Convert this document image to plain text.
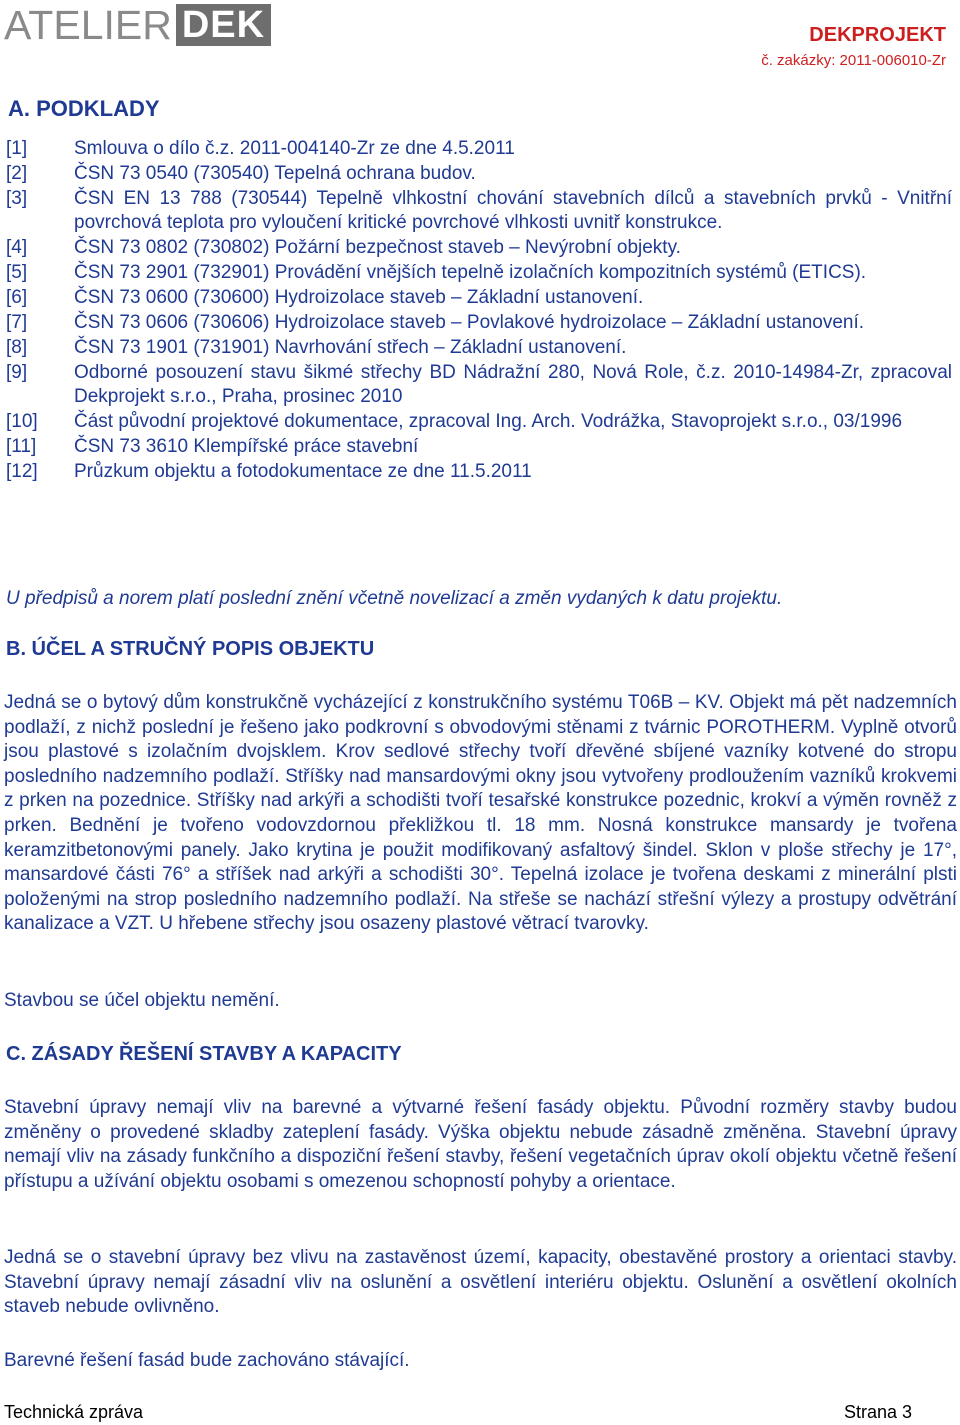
ATELIER DEK	DEKPROJEKT
č. zakázky: 2011-006010-Zr
A. PODKLADY
[1]	Smlouva o dílo č.z. 2011-004140-Zr ze dne 4.5.2011
[2]	ČSN 73 0540 (730540) Tepelná ochrana budov.
[3]	ČSN EN 13 788 (730544) Tepelně vlhkostní chování stavebních dílců a stavebních prvků - Vnitřní povrchová teplota pro vyloučení kritické povrchové vlhkosti uvnitř konstrukce.
[4]	ČSN 73 0802 (730802) Požární bezpečnost staveb – Nevýrobní objekty.
[5]	ČSN 73 2901 (732901) Provádění vnějších tepelně izolačních kompozitních systémů (ETICS).
[6]	ČSN 73 0600 (730600) Hydroizolace staveb – Základní ustanovení.
[7]	ČSN 73 0606 (730606) Hydroizolace staveb – Povlakové hydroizolace – Základní ustanovení.
[8]	ČSN 73 1901 (731901) Navrhování střech – Základní ustanovení.
[9]	Odborné posouzení stavu šikmé střechy BD Nádražní 280, Nová Role, č.z. 2010-14984-Zr, zpracoval Dekprojekt s.r.o., Praha, prosinec 2010
[10]	Část původní projektové dokumentace, zpracoval Ing. Arch. Vodrážka, Stavoprojekt s.r.o., 03/1996
[11]	ČSN 73 3610 Klempířské práce stavební
[12]	Průzkum objektu a fotodokumentace ze dne 11.5.2011
U předpisů a norem platí poslední znění včetně novelizací a změn vydaných k datu projektu.
B. ÚČEL A STRUČNÝ POPIS OBJEKTU
Jedná se o bytový dům konstrukčně vycházející z konstrukčního systému T06B – KV. Objekt má pět nadzemních podlaží, z nichž poslední je řešeno jako podkrovní s obvodovými stěnami z tvárnic POROTHERM. Vyplně otvorů jsou plastové s izolačním dvojsklem. Krov sedlové střechy tvoří dřevěné sbíjené vazníky kotvené do stropu posledního nadzemního podlaží. Stříšky nad mansardovými okny jsou vytvořeny prodloužením vazníků krokvemi z prken na pozednice. Stříšky nad arkýři a schodišti tvoří tesařské konstrukce pozednic, krokví a výměn rovněž z prken. Bednění je tvořeno vodovzdornou překližkou tl. 18 mm. Nosná konstrukce mansardy je tvořena keramzitbetonovými panely. Jako krytina je použit modifikovaný asfaltový šindel. Sklon v ploše střechy je 17°, mansardové části 76° a stříšek nad arkýři a schodišti 30°. Tepelná izolace je tvořena deskami z minerální plsti položenými na strop posledního nadzemního podlaží. Na střeše se nachází střešní výlezy a prostupy odvětrání kanalizace a VZT. U hřebene střechy jsou osazeny plastové větrací tvarovky.
Stavbou se účel objektu nemění.
C. ZÁSADY ŘEŠENÍ STAVBY A KAPACITY
Stavební úpravy nemají vliv na barevné a výtvarné řešení fasády objektu. Původní rozměry stavby budou změněny o provedené skladby zateplení fasády. Výška objektu nebude zásadně změněna. Stavební úpravy nemají vliv na zásady funkčního a dispoziční řešení stavby, řešení vegetačních úprav okolí objektu včetně řešení přístupu a užívání objektu osobami s omezenou schopností pohyby a orientace.
Jedná se o stavební úpravy bez vlivu na zastavěnost území, kapacity, obestavěné prostory a orientaci stavby. Stavební úpravy nemají zásadní vliv na oslunění a osvětlení interiéru objektu. Oslunění a osvětlení okolních staveb nebude ovlivněno.
Barevné řešení fasád bude zachováno stávající.
Technická zpráva	Strana 3
